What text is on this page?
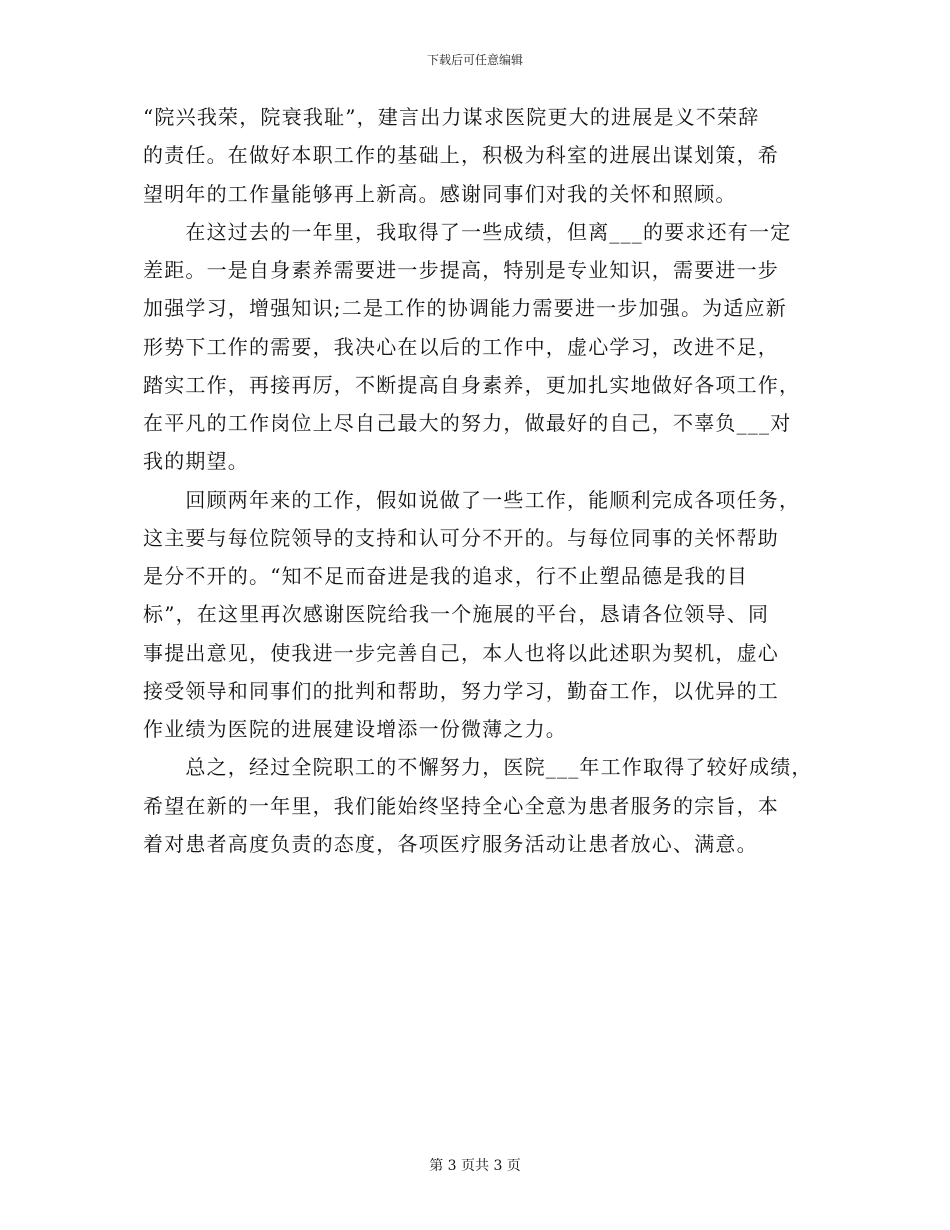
下载后可任意编辑
“院兴我荣，院衰我耻”，建言出力谋求医院更大的进展是义不荣辞
的责任。在做好本职工作的基础上，积极为科室的进展出谋划策，希
望明年的工作量能够再上新高。感谢同事们对我的关怀和照顾。
　　在这过去的一年里，我取得了一些成绩，但离___的要求还有一定
差距。一是自身素养需要进一步提高，特别是专业知识，需要进一步
加强学习，增强知识;二是工作的协调能力需要进一步加强。为适应新
形势下工作的需要，我决心在以后的工作中，虚心学习，改进不足，
踏实工作，再接再厉，不断提高自身素养，更加扎实地做好各项工作，
在平凡的工作岗位上尽自己最大的努力，做最好的自己，不辜负___对
我的期望。
　　回顾两年来的工作，假如说做了一些工作，能顺利完成各项任务，
这主要与每位院领导的支持和认可分不开的。与每位同事的关怀帮助
是分不开的。“知不足而奋进是我的追求，行不止塑品德是我的目
标”，在这里再次感谢医院给我一个施展的平台，恳请各位领导、同
事提出意见，使我进一步完善自己，本人也将以此述职为契机，虚心
接受领导和同事们的批判和帮助，努力学习，勤奋工作，以优异的工
作业绩为医院的进展建设增添一份微薄之力。
　　总之，经过全院职工的不懈努力，医院___年工作取得了较好成绩，
希望在新的一年里，我们能始终坚持全心全意为患者服务的宗旨，本
着对患者高度负责的态度，各项医疗服务活动让患者放心、满意。
第 3 页共 3 页
